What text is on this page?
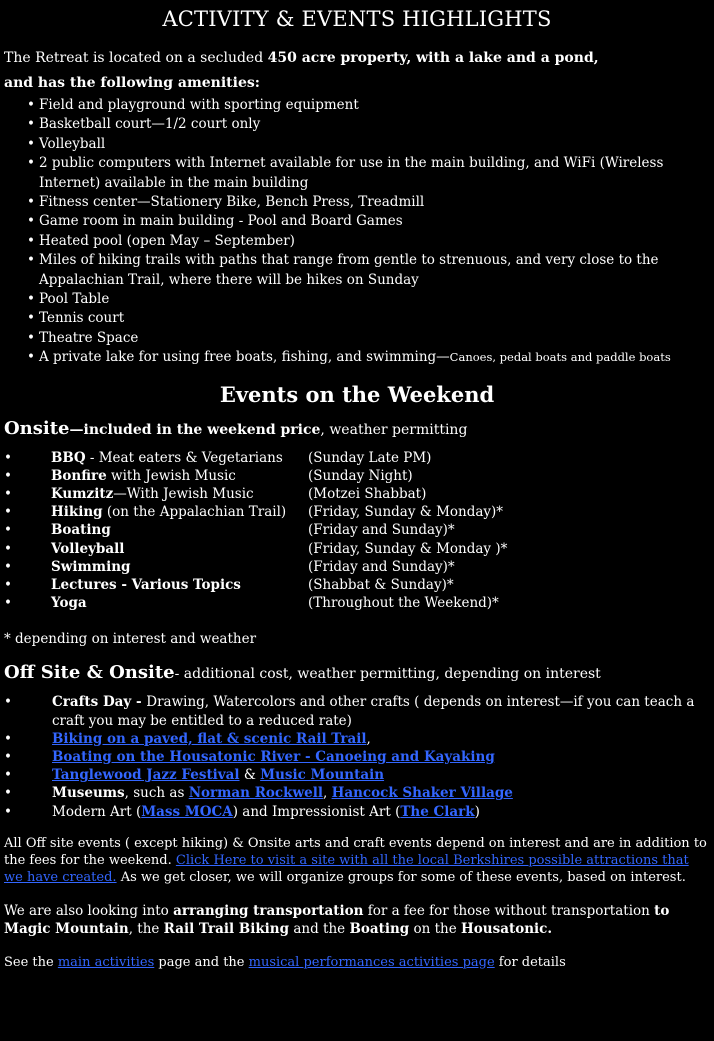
ACTIVITY & EVENTS HIGHLIGHTS

The Retreat is located on a secluded 450 acre property, with a lake and a pond,
and has the following amenities:

• Field and playground with sporting equipment
• Basketball court—1/2 court only
• Volleyball
• 2 public computers with Internet available for use in the main building, and WiFi (Wireless Internet) available in the main building
• Fitness center—Stationery Bike, Bench Press, Treadmill
• Game room in main building - Pool and Board Games
• Heated pool (open May – September)
• Miles of hiking trails with paths that range from gentle to strenuous, and very close to the Appalachian Trail, where there will be hikes on Sunday
• Pool Table
• Tennis court
• Theatre Space
• A private lake for using free boats, fishing, and swimming—Canoes, pedal boats and paddle boats
Events on the Weekend

Onsite—included in the weekend price, weather permitting

•	BBQ - Meat eaters & Vegetarians	(Sunday Late PM)
•	Bonfire with Jewish Music	(Sunday Night)
•	Kumzitz—With Jewish Music	(Motzei Shabbat)
•	Hiking (on the Appalachian Trail)	(Friday, Sunday & Monday)*
•	Boating	(Friday and Sunday)*
•	Volleyball	(Friday, Sunday & Monday )*
•	Swimming	(Friday and Sunday)*
•	Lectures - Various Topics	(Shabbat & Sunday)*
•	Yoga	(Throughout the Weekend)*

* depending on interest and weather

Off Site & Onsite- additional cost, weather permitting, depending on interest

• Crafts Day - Drawing, Watercolors and other crafts ( depends on interest—if you can teach a craft you may be entitled to a reduced rate)
• Biking on a paved, flat & scenic Rail Trail,
• Boating on the Housatonic River - Canoeing and Kayaking
• Tanglewood Jazz Festival & Music Mountain
• Museums, such as Norman Rockwell, Hancock Shaker Village
• Modern Art (Mass MOCA) and Impressionist Art (The Clark)

All Off site events ( except hiking) & Onsite arts and craft events depend on interest and are in addition to the fees for the weekend. Click Here to visit a site with all the local Berkshires possible attractions that we have created. As we get closer, we will organize groups for some of these events, based on interest.

We are also looking into arranging transportation for a fee for those without transportation to Magic Mountain, the Rail Trail Biking and the Boating on the Housatonic.

See the main activities page and the musical performances activities page for details
